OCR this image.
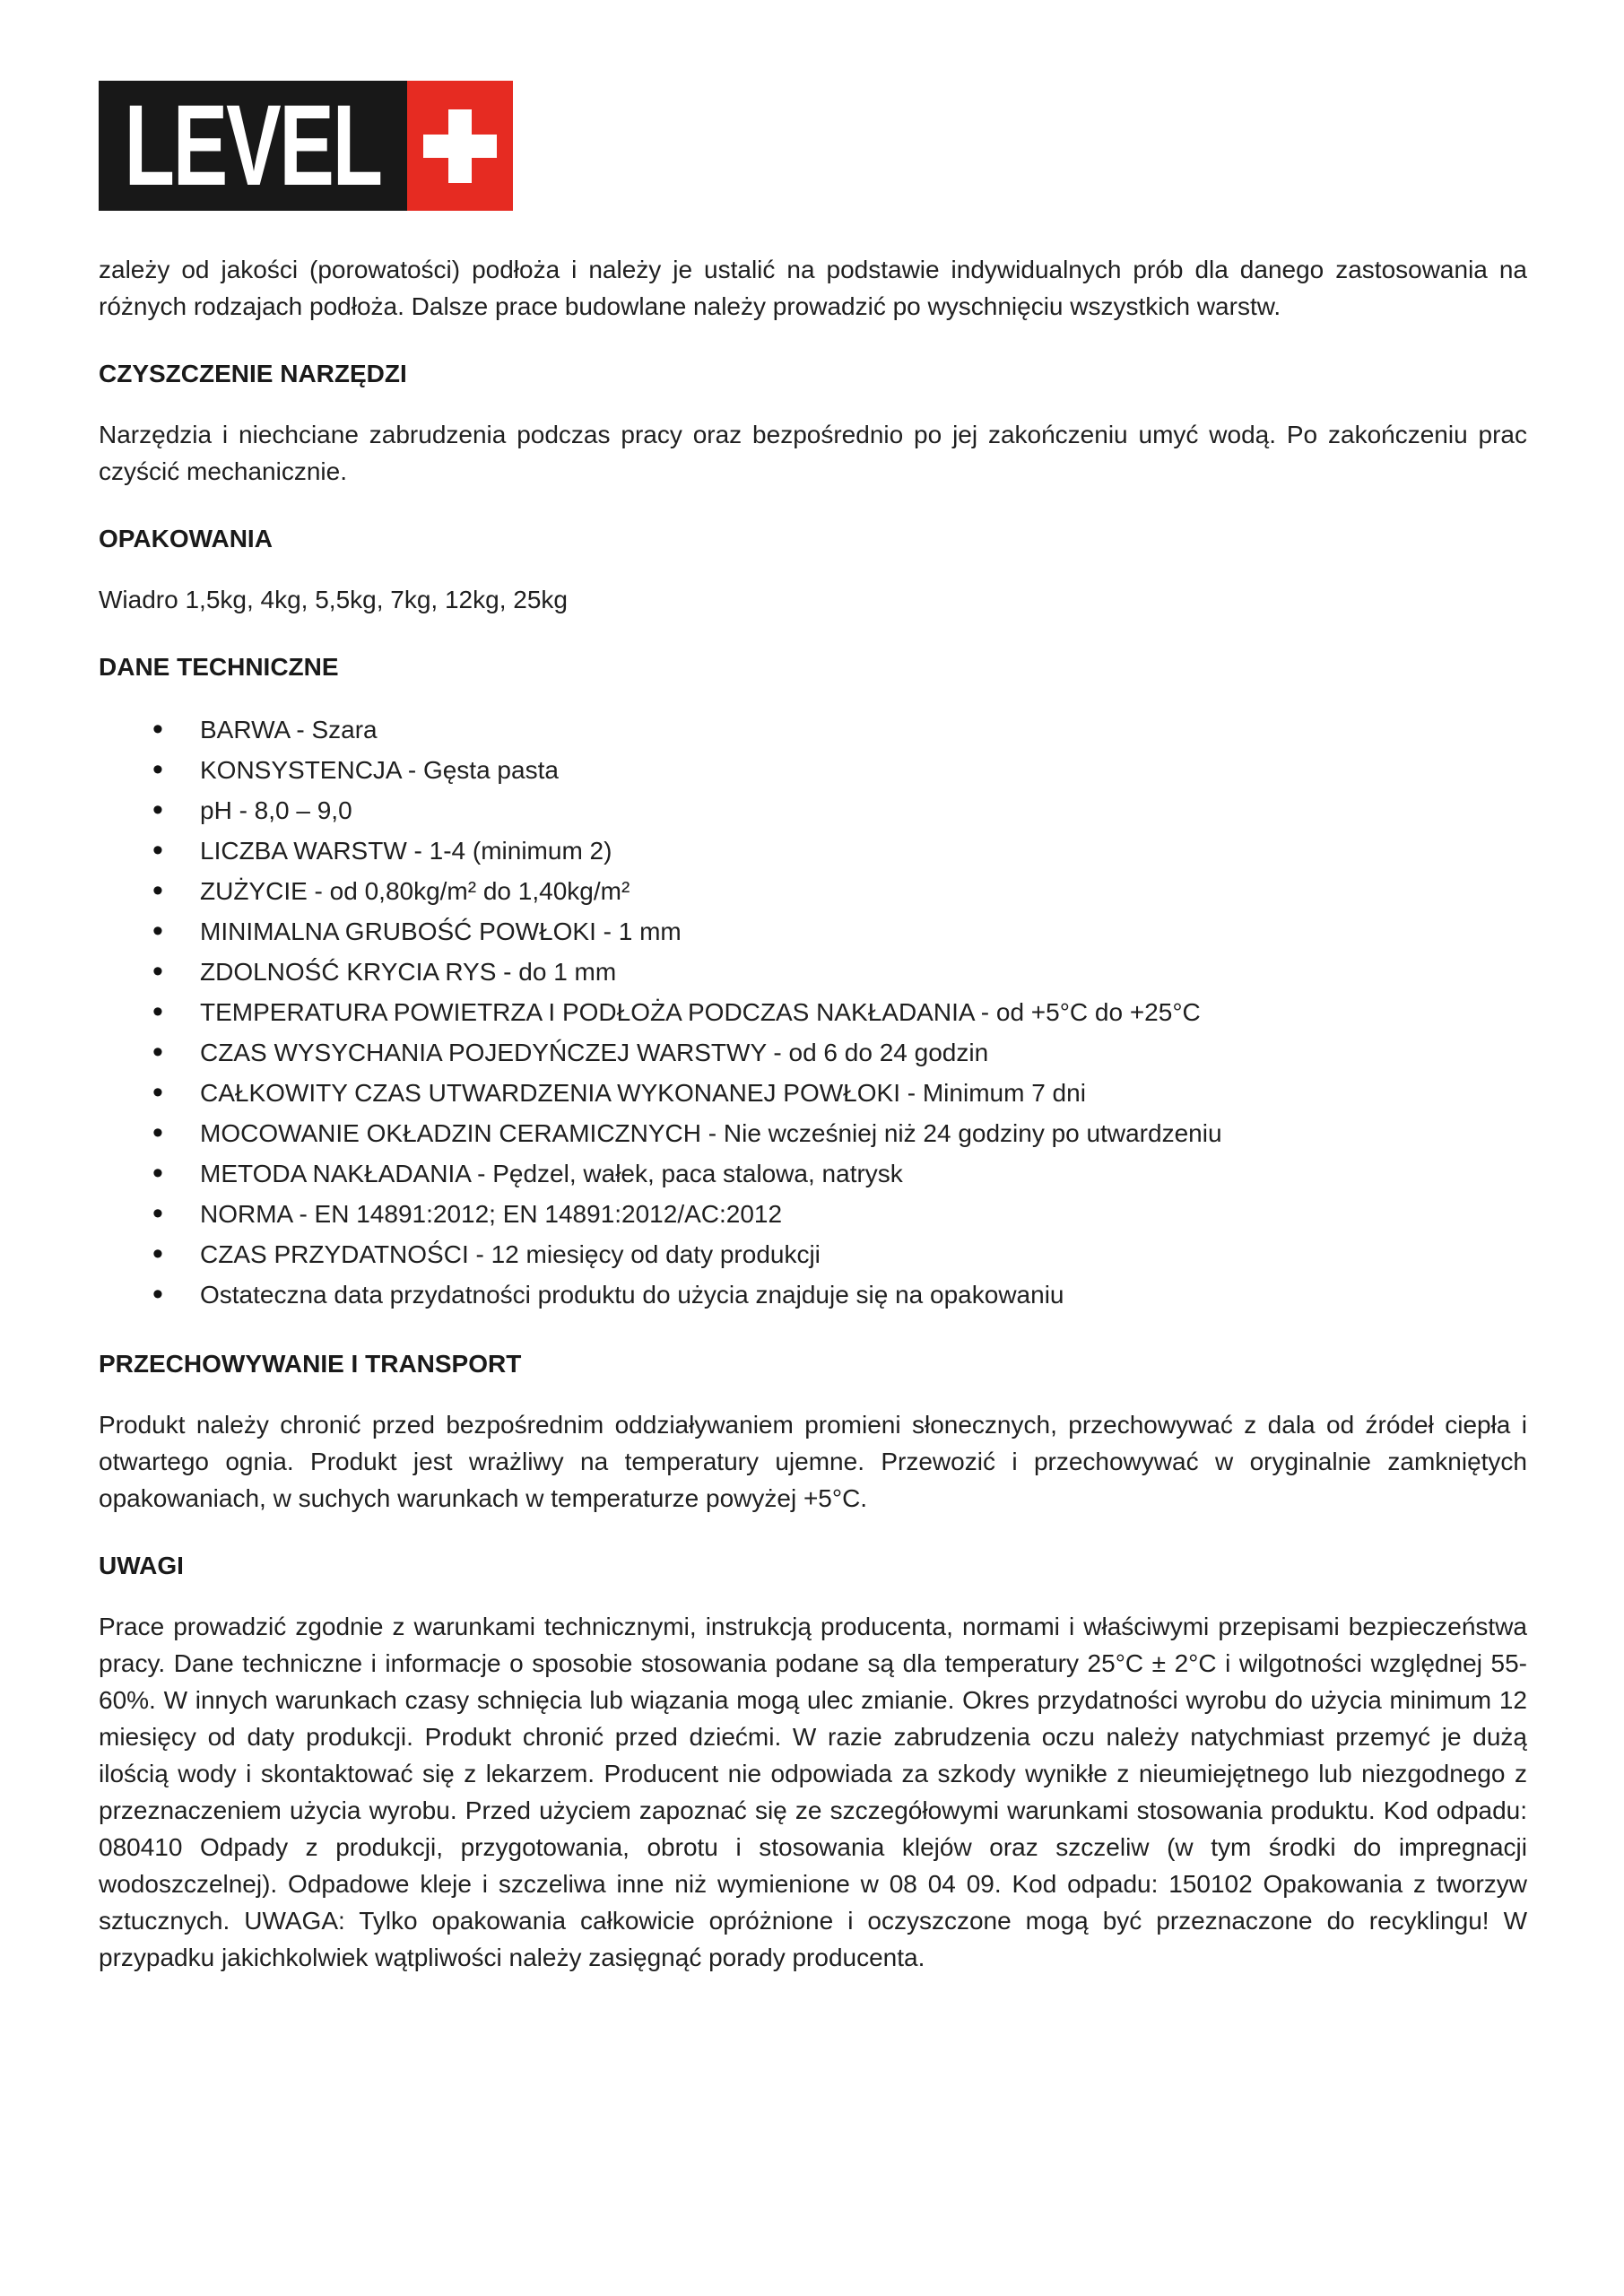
LEVEL

zależy od jakości (porowatości) podłoża i należy je ustalić na podstawie indywidualnych prób dla danego zastosowania na różnych rodzajach podłoża. Dalsze prace budowlane należy prowadzić po wyschnięciu wszystkich warstw.

CZYSZCZENIE NARZĘDZI

Narzędzia i niechciane zabrudzenia podczas pracy oraz bezpośrednio po jej zakończeniu umyć wodą. Po zakończeniu prac czyścić mechanicznie.

OPAKOWANIA

Wiadro 1,5kg, 4kg, 5,5kg, 7kg, 12kg, 25kg

DANE TECHNICZNE
• BARWA - Szara
• KONSYSTENCJA - Gęsta pasta
• pH - 8,0 – 9,0
• LICZBA WARSTW - 1-4 (minimum 2)
• ZUŻYCIE - od 0,80kg/m² do 1,40kg/m²
• MINIMALNA GRUBOŚĆ POWŁOKI - 1 mm
• ZDOLNOŚĆ KRYCIA RYS - do 1 mm
• TEMPERATURA POWIETRZA I PODŁOŻA PODCZAS NAKŁADANIA - od +5°C do +25°C
• CZAS WYSYCHANIA POJEDYŃCZEJ WARSTWY - od 6 do 24 godzin
• CAŁKOWITY CZAS UTWARDZENIA WYKONANEJ POWŁOKI - Minimum 7 dni
• MOCOWANIE OKŁADZIN CERAMICZNYCH - Nie wcześniej niż 24 godziny po utwardzeniu
• METODA NAKŁADANIA - Pędzel, wałek, paca stalowa, natrysk
• NORMA - EN 14891:2012; EN 14891:2012/AC:2012
• CZAS PRZYDATNOŚCI - 12 miesięcy od daty produkcji
• Ostateczna data przydatności produktu do użycia znajduje się na opakowaniu
PRZECHOWYWANIE I TRANSPORT

Produkt należy chronić przed bezpośrednim oddziaływaniem promieni słonecznych, przechowywać z dala od źródeł ciepła i otwartego ognia. Produkt jest wrażliwy na temperatury ujemne. Przewozić i przechowywać w oryginalnie zamkniętych opakowaniach, w suchych warunkach w temperaturze powyżej +5°C.

UWAGI

Prace prowadzić zgodnie z warunkami technicznymi, instrukcją producenta, normami i właściwymi przepisami bezpieczeństwa pracy. Dane techniczne i informacje o sposobie stosowania podane są dla temperatury 25°C ± 2°C i wilgotności względnej 55-60%. W innych warunkach czasy schnięcia lub wiązania mogą ulec zmianie. Okres przydatności wyrobu do użycia minimum 12 miesięcy od daty produkcji. Produkt chronić przed dziećmi. W razie zabrudzenia oczu należy natychmiast przemyć je dużą ilością wody i skontaktować się z lekarzem. Producent nie odpowiada za szkody wynikłe z nieumiejętnego lub niezgodnego z przeznaczeniem użycia wyrobu. Przed użyciem zapoznać się ze szczegółowymi warunkami stosowania produktu. Kod odpadu: 080410 Odpady z produkcji, przygotowania, obrotu i stosowania klejów oraz szczeliw (w tym środki do impregnacji wodoszczelnej). Odpadowe kleje i szczeliwa inne niż wymienione w 08 04 09. Kod odpadu: 150102 Opakowania z tworzyw sztucznych. UWAGA: Tylko opakowania całkowicie opróżnione i oczyszczone mogą być przeznaczone do recyklingu! W przypadku jakichkolwiek wątpliwości należy zasięgnąć porady producenta.
